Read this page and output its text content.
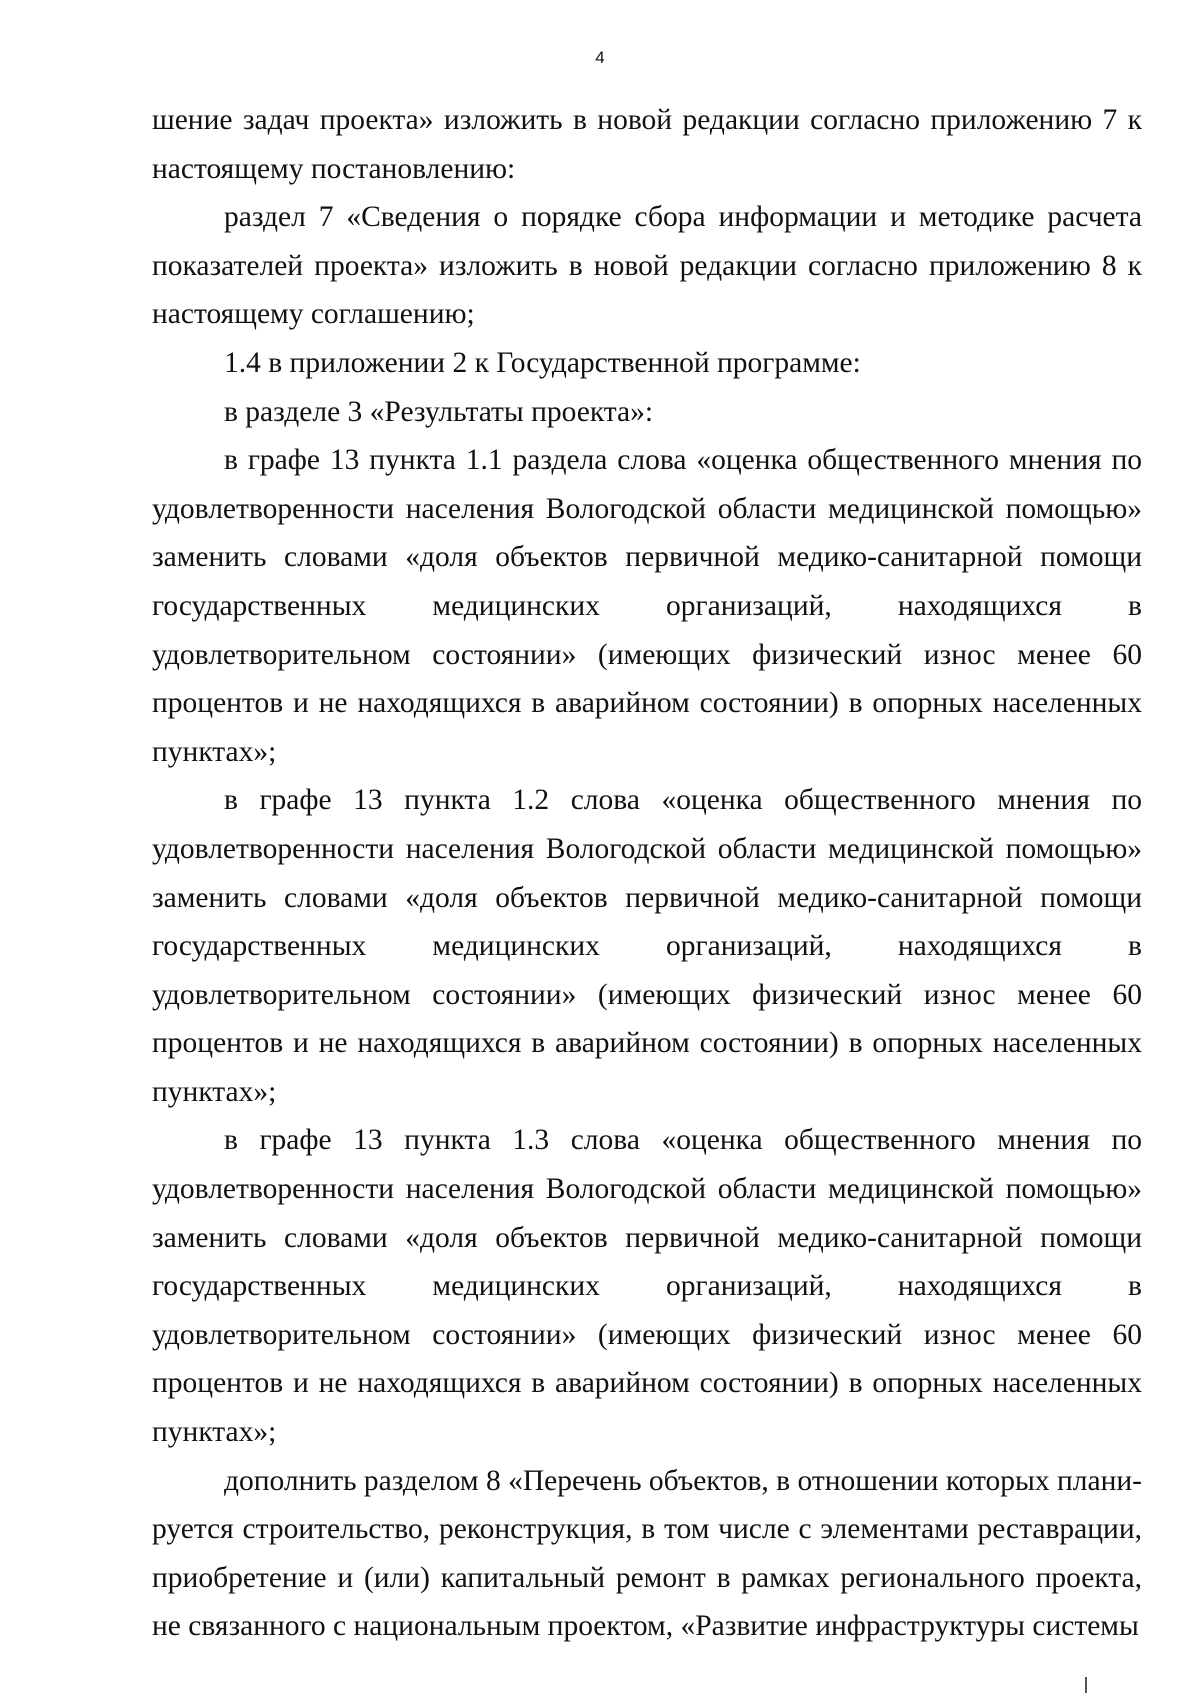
4

шение задач проекта» изложить в новой редакции согласно приложению 7 к настоящему постановлению:

раздел 7 «Сведения о порядке сбора информации и методике расчета показателей проекта» изложить в новой редакции согласно приложению 8 к настоящему соглашению;

1.4 в приложении 2 к Государственной программе:

в разделе 3 «Результаты проекта»:

в графе 13 пункта 1.1 раздела слова «оценка общественного мнения по удовлетворенности населения Вологодской области медицинской помощью» заменить словами «доля объектов первичной медико-санитарной помощи государственных медицинских организаций, находящихся в удовлетворительном состоянии» (имеющих физический износ менее 60 процентов и не находящихся в аварийном состоянии) в опорных населенных пунктах»;

в графе 13 пункта 1.2 слова «оценка общественного мнения по удовлетворенности населения Вологодской области медицинской помощью» заменить словами «доля объектов первичной медико-санитарной помощи государственных медицинских организаций, находящихся в удовлетворительном состоянии» (имеющих физический износ менее 60 процентов и не находящихся в аварийном состоянии) в опорных населенных пунктах»;

в графе 13 пункта 1.3 слова «оценка общественного мнения по удовлетворенности населения Вологодской области медицинской помощью» заменить словами «доля объектов первичной медико-санитарной помощи государственных медицинских организаций, находящихся в удовлетворительном состоянии» (имеющих физический износ менее 60 процентов и не находящихся в аварийном состоянии) в опорных населенных пунктах»;

дополнить разделом 8 «Перечень объектов, в отношении которых планируется строительство, реконструкция, в том числе с элементами реставрации, приобретение и (или) капитальный ремонт в рамках регионального проекта, не связанного с национальным проектом, «Развитие инфраструктуры системы
